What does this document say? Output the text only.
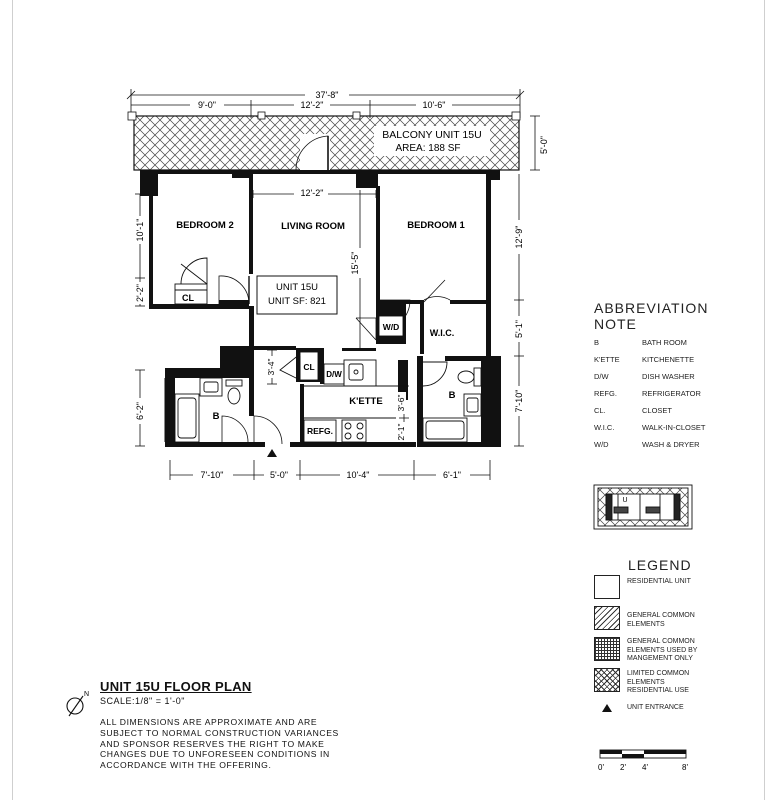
37'-8"
9'-0"	12'-2"	10'-6"
BALCONY UNIT 15U
AREA: 188 SF	5'-0"
CL
W/D
UNIT 15U
UNIT SF: 821
BEDROOM 2	LIVING ROOM	BEDROOM 1
W.I.C.
12'-2"
15'-5"
10'-1"
2'-2"
6'-2"
12'-9"
5'-1"
7'-10"
CL
D/W
3'-4"
K'ETTE
REFG.
3'-6"
2'-1"
B
B
7'-10"	5'-0"	10'-4"	6'-1"
U
N
0' 2' 4'	8'
ABBREVIATION
NOTE
B	BATH ROOM
K'ETTE	KITCHENETTE
D/W	DISH WASHER
REFG.	REFRIGERATOR
CL.	CLOSET
W.I.C.	WALK-IN-CLOSET
W/D	WASH & DRYER
LEGEND
RESIDENTIAL UNIT
GENERAL COMMON ELEMENTS
GENERAL COMMON ELEMENTS USED BY MANGEMENT ONLY
LIMITED COMMON ELEMENTS RESIDENTIAL USE
UNIT ENTRANCE
UNIT 15U FLOOR PLAN
SCALE:1/8" = 1'-0"
ALL DIMENSIONS ARE APPROXIMATE AND ARE SUBJECT TO NORMAL CONSTRUCTION VARIANCES AND SPONSOR RESERVES THE RIGHT TO MAKE CHANGES DUE TO UNFORESEEN CONDITIONS IN ACCORDANCE WITH THE OFFERING.
